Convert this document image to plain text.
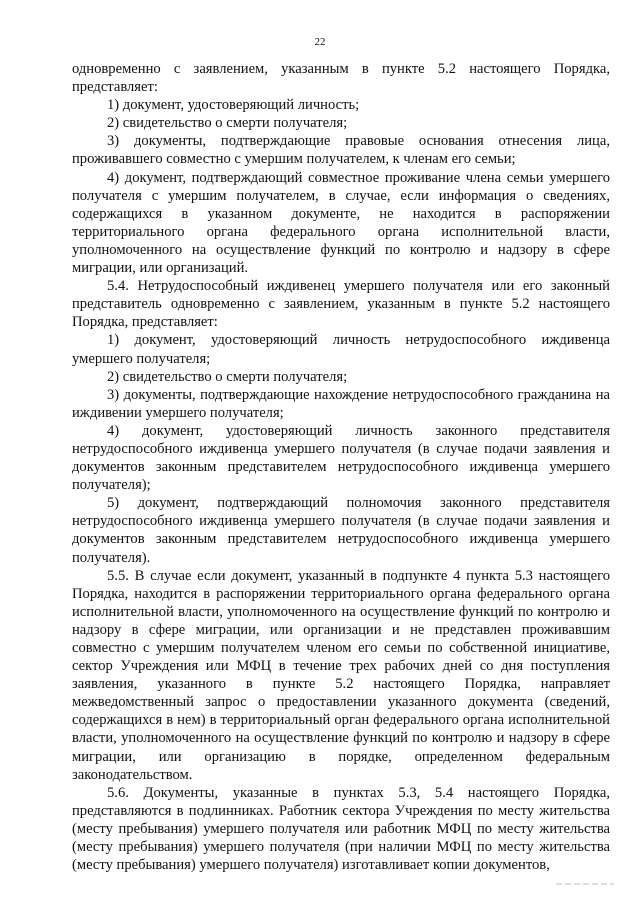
22

одновременно с заявлением, указанным в пункте 5.2 настоящего Порядка, представляет:

1) документ, удостоверяющий личность;

2) свидетельство о смерти получателя;

3) документы, подтверждающие правовые основания отнесения лица, проживавшего совместно с умершим получателем, к членам его семьи;

4) документ, подтверждающий совместное проживание члена семьи умершего получателя с умершим получателем, в случае, если информация о сведениях, содержащихся в указанном документе, не находится в распоряжении территориального органа федерального органа исполнительной власти, уполномоченного на осуществление функций по контролю и надзору в сфере миграции, или организаций.

5.4. Нетрудоспособный иждивенец умершего получателя или его законный представитель одновременно с заявлением, указанным в пункте 5.2 настоящего Порядка, представляет:

1) документ, удостоверяющий личность нетрудоспособного иждивенца умершего получателя;

2) свидетельство о смерти получателя;

3) документы, подтверждающие нахождение нетрудоспособного гражданина на иждивении умершего получателя;

4) документ, удостоверяющий личность законного представителя нетрудоспособного иждивенца умершего получателя (в случае подачи заявления и документов законным представителем нетрудоспособного иждивенца умершего получателя);

5) документ, подтверждающий полномочия законного представителя нетрудоспособного иждивенца умершего получателя (в случае подачи заявления и документов законным представителем нетрудоспособного иждивенца умершего получателя).

5.5. В случае если документ, указанный в подпункте 4 пункта 5.3 настоящего Порядка, находится в распоряжении территориального органа федерального органа исполнительной власти, уполномоченного на осуществление функций по контролю и надзору в сфере миграции, или организации и не представлен проживавшим совместно с умершим получателем членом его семьи по собственной инициативе, сектор Учреждения или МФЦ в течение трех рабочих дней со дня поступления заявления, указанного в пункте 5.2 настоящего Порядка, направляет межведомственный запрос о предоставлении указанного документа (сведений, содержащихся в нем) в территориальный орган федерального органа исполнительной власти, уполномоченного на осуществление функций по контролю и надзору в сфере миграции, или организацию в порядке, определенном федеральным законодательством.

5.6. Документы, указанные в пунктах 5.3, 5.4 настоящего Порядка, представляются в подлинниках. Работник сектора Учреждения по месту жительства (месту пребывания) умершего получателя или работник МФЦ по месту жительства (месту пребывания) умершего получателя (при наличии МФЦ по месту жительства (месту пребывания) умершего получателя) изготавливает копии документов,
